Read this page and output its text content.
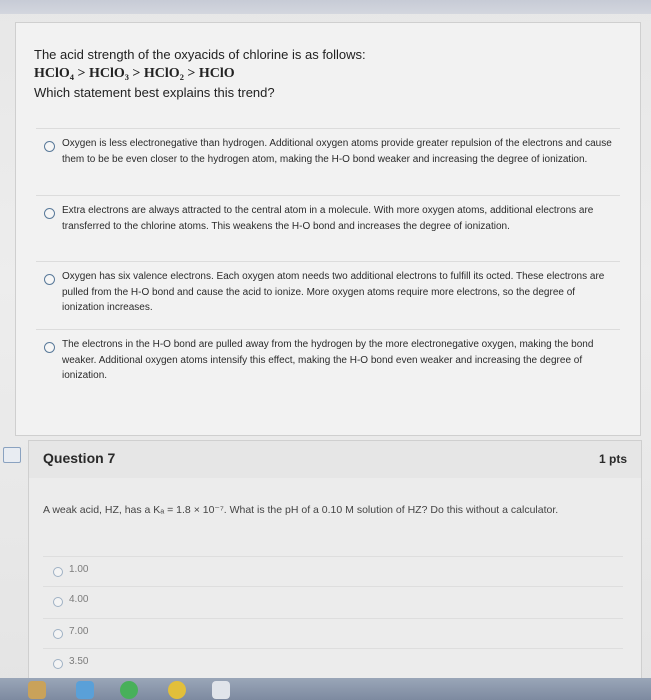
The acid strength of the oxyacids of chlorine is as follows:
HClO₄ > HClO₃ > HClO₂ > HClO
Which statement best explains this trend?
Oxygen is less electronegative than hydrogen. Additional oxygen atoms provide greater repulsion of the electrons and cause them to be be even closer to the hydrogen atom, making the H-O bond weaker and increasing the degree of ionization.
Extra electrons are always attracted to the central atom in a molecule. With more oxygen atoms, additional electrons are transferred to the chlorine atoms. This weakens the H-O bond and increases the degree of ionization.
Oxygen has six valence electrons. Each oxygen atom needs two additional electrons to fulfill its octed. These electrons are pulled from the H-O bond and cause the acid to ionize. More oxygen atoms require more electrons, so the degree of ionization increases.
The electrons in the H-O bond are pulled away from the hydrogen by the more electronegative oxygen, making the bond weaker. Additional oxygen atoms intensify this effect, making the H-O bond even weaker and increasing the degree of ionization.
Question 7	1 pts
A weak acid, HZ, has a Kₐ = 1.8 × 10⁻⁷. What is the pH of a 0.10 M solution of HZ? Do this without a calculator.
1.00
4.00
7.00
3.50
